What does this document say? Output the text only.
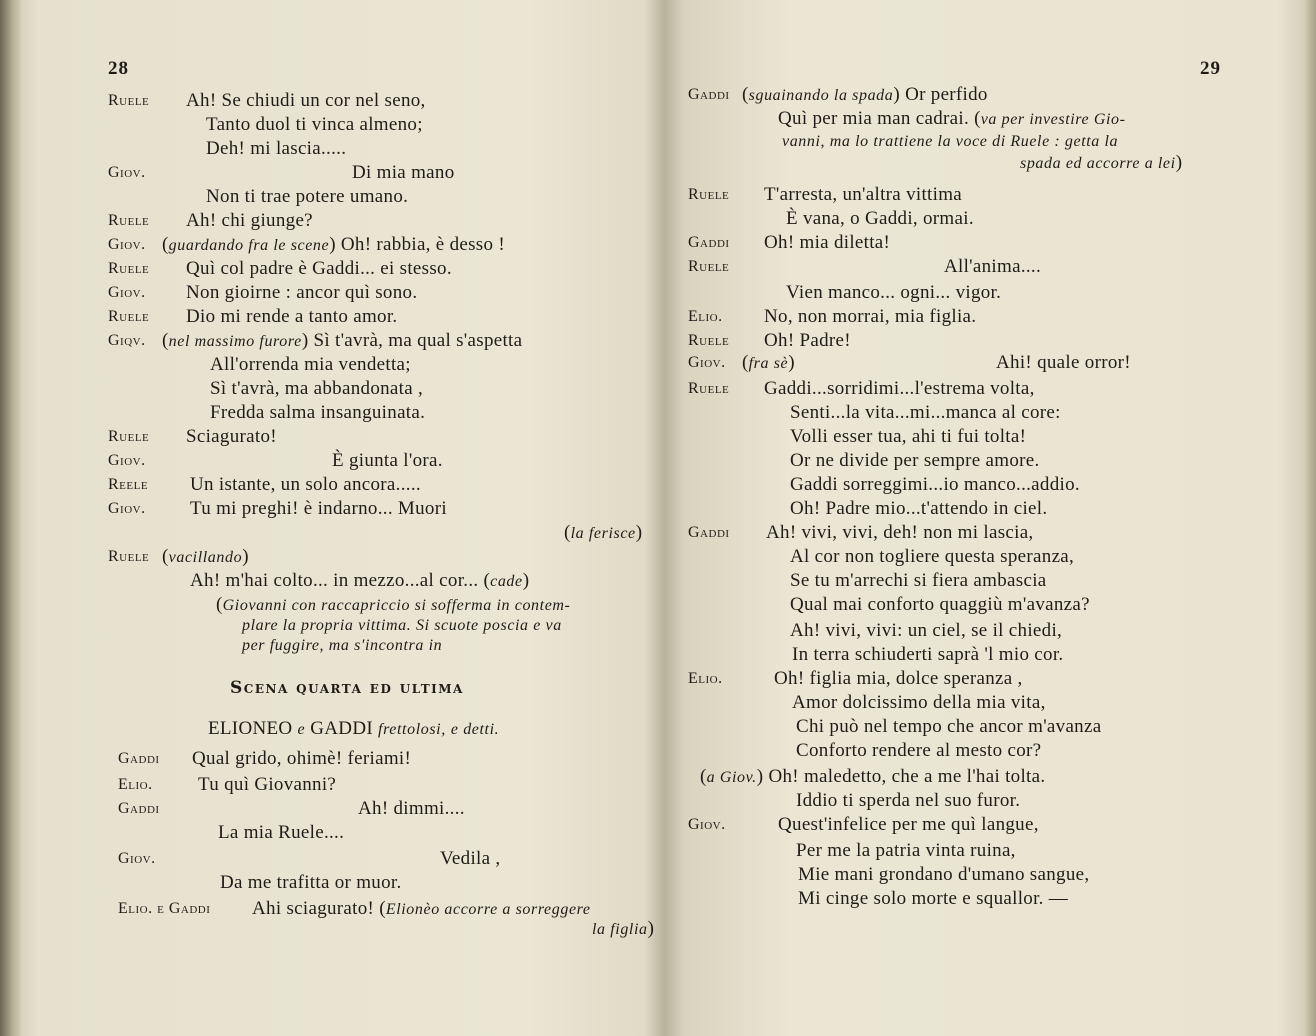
28
Ruele Ah! Se chiudi un cor nel seno,
Tanto duol ti vinca almeno;
Deh! mi lascia.....
Giov.	Di mia mano
Non ti trae potere umano.
Ruele Ah! chi giunge?
Giov. (guardando fra le scene) Oh! rabbia, è desso !
Ruele Quì col padre è Gaddi... ei stesso.
Giov. Non gioirne : ancor quì sono.
Ruele Dio mi rende a tanto amor.
Giqv. (nel massimo furore) Sì t'avrà, ma qual s'aspetta
All'orrenda mia vendetta;
Sì t'avrà, ma abbandonata ,
Fredda salma insanguinata.
Ruele Sciagurato!
Giov.	È giunta l'ora.
Reele Un istante, un solo ancora.....
Giov. Tu mi preghi! è indarno... Muori
(la ferisce)
Ruele (vacillando)
Ah! m'hai colto... in mezzo...al cor... (cade)
(Giovanni con raccapriccio si sofferma in contem-
plare la propria vittima. Si scuote poscia e va
per fuggire, ma s'incontra in
Scena quarta ed ultima
ELIONEO e GADDI frettolosi, e detti.
Gaddi Qual grido, ohimè! feriami!
Elio. Tu quì Giovanni?
Gaddi	Ah! dimmi....
La mia Ruele....
Giov.	Vedila ,
Da me trafitta or muor.
Elio. e Gaddi Ahi sciagurato! (Elionèo accorre a sorreggere
la figlia)
29
Gaddi (sguainando la spada) Or perfido
Quì per mia man cadrai. (va per investire Gio-
vanni, ma lo trattiene la voce di Ruele : getta la
spada ed accorre a lei)
Ruele T'arresta, un'altra vittima
È vana, o Gaddi, ormai.
Gaddi Oh! mia diletta!
Ruele	All'anima....
Vien manco... ogni... vigor.
Elio. No, non morrai, mia figlia.
Ruele Oh! Padre!
Giov. (fra sè)
Ruele Gaddi...sorridimi...l'estrema volta,
Senti...la vita...mi...manca al core:
Volli esser tua, ahi ti fui tolta!
Or ne divide per sempre amore.
Gaddi sorreggimi...io manco...addio.
Oh! Padre mio...t'attendo in ciel.
Gaddi Ah! vivi, vivi, deh! non mi lascia,
Al cor non togliere questa speranza,
Se tu m'arrechi si fiera ambascia
Qual mai conforto quaggiù m'avanza?
Ah! vivi, vivi: un ciel, se il chiedi,
In terra schiuderti saprà 'l mio cor.
Elio.	Oh! figlia mia, dolce speranza ,
Amor dolcissimo della mia vita,
Chi può nel tempo che ancor m'avanza
Conforto rendere al mesto cor?
(a Giov.) Oh! maledetto, che a me l'hai tolta.
Iddio ti sperda nel suo furor.
Giov.	Quest'infelice per me quì langue,
Per me la patria vinta ruina,
Mie mani grondano d'umano sangue,
Mi cinge solo morte e squallor. —
Ahi! quale orror!
